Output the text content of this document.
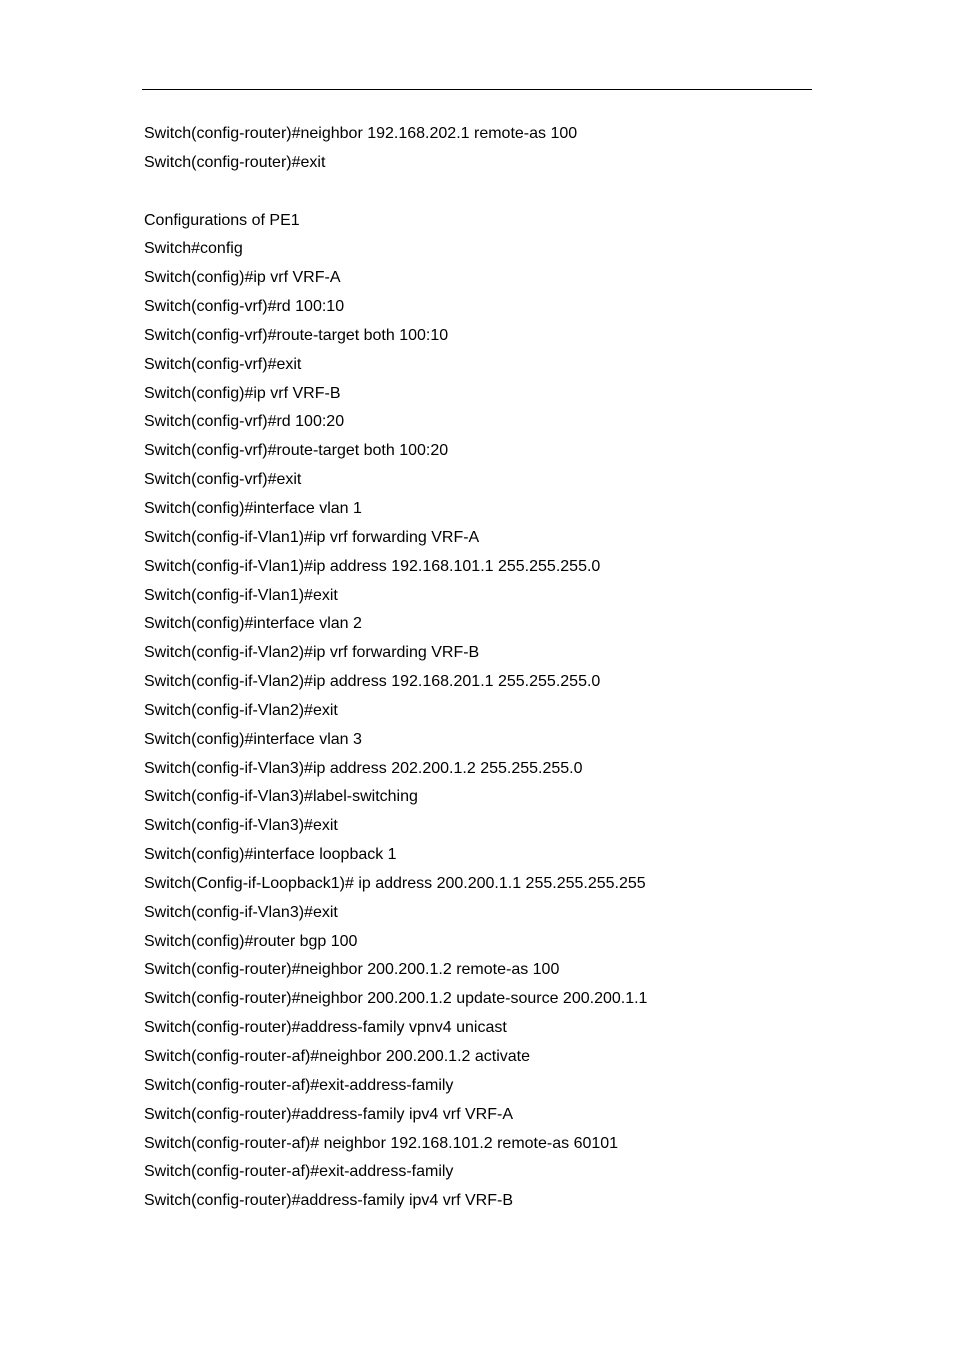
Switch(config-router)#neighbor 192.168.202.1 remote-as 100
Switch(config-router)#exit
Configurations of PE1
Switch#config
Switch(config)#ip vrf VRF-A
Switch(config-vrf)#rd 100:10
Switch(config-vrf)#route-target both 100:10
Switch(config-vrf)#exit
Switch(config)#ip vrf VRF-B
Switch(config-vrf)#rd 100:20
Switch(config-vrf)#route-target both 100:20
Switch(config-vrf)#exit
Switch(config)#interface vlan 1
Switch(config-if-Vlan1)#ip vrf forwarding VRF-A
Switch(config-if-Vlan1)#ip address 192.168.101.1 255.255.255.0
Switch(config-if-Vlan1)#exit
Switch(config)#interface vlan 2
Switch(config-if-Vlan2)#ip vrf forwarding VRF-B
Switch(config-if-Vlan2)#ip address 192.168.201.1 255.255.255.0
Switch(config-if-Vlan2)#exit
Switch(config)#interface vlan 3
Switch(config-if-Vlan3)#ip address 202.200.1.2 255.255.255.0
Switch(config-if-Vlan3)#label-switching
Switch(config-if-Vlan3)#exit
Switch(config)#interface loopback 1
Switch(Config-if-Loopback1)# ip address 200.200.1.1 255.255.255.255
Switch(config-if-Vlan3)#exit
Switch(config)#router bgp 100
Switch(config-router)#neighbor 200.200.1.2 remote-as 100
Switch(config-router)#neighbor 200.200.1.2 update-source 200.200.1.1
Switch(config-router)#address-family vpnv4 unicast
Switch(config-router-af)#neighbor 200.200.1.2 activate
Switch(config-router-af)#exit-address-family
Switch(config-router)#address-family ipv4 vrf VRF-A
Switch(config-router-af)# neighbor 192.168.101.2 remote-as 60101
Switch(config-router-af)#exit-address-family
Switch(config-router)#address-family ipv4 vrf VRF-B
